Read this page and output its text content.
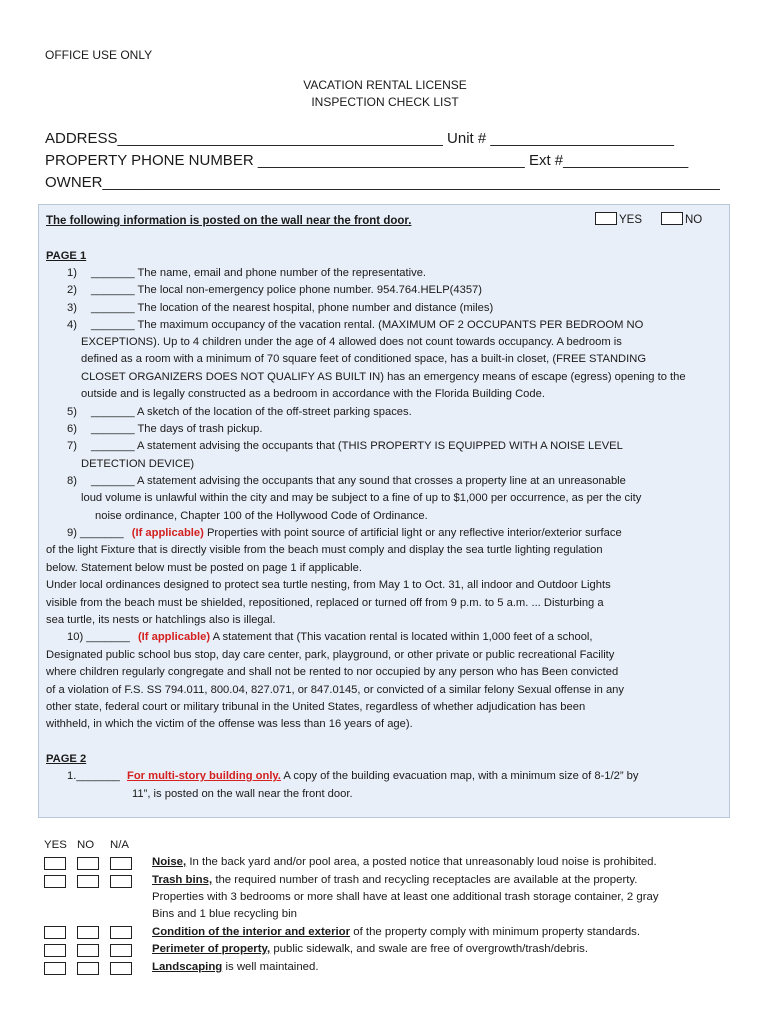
OFFICE USE ONLY
VACATION RENTAL LICENSE
INSPECTION CHECK LIST
ADDRESS_______________________________________ Unit # ______________________
PROPERTY PHONE NUMBER ________________________________ Ext #_______________
OWNER__________________________________________________________________________
The following information is posted on the wall near the front door.	YES	NO
PAGE 1
1) _______ The name, email and phone number of the representative.
2) _______ The local non-emergency police phone number. 954.764.HELP(4357)
3) _______ The location of the nearest hospital, phone number and distance (miles)
4) _______ The maximum occupancy of the vacation rental. (MAXIMUM OF 2 OCCUPANTS PER BEDROOM NO
EXCEPTIONS). Up to 4 children under the age of 4 allowed does not count towards occupancy. A bedroom is
defined as a room with a minimum of 70 square feet of conditioned space, has a built-in closet, (FREE STANDING
CLOSET ORGANIZERS DOES NOT QUALIFY AS BUILT IN) has an emergency means of escape (egress) opening to the
outside and is legally constructed as a bedroom in accordance with the Florida Building Code.
5) _______ A sketch of the location of the off-street parking spaces.
6) _______ The days of trash pickup.
7) _______ A statement advising the occupants that (THIS PROPERTY IS EQUIPPED WITH A NOISE LEVEL
DETECTION DEVICE)
8) _______ A statement advising the occupants that any sound that crosses a property line at an unreasonable
loud volume is unlawful within the city and may be subject to a fine of up to $1,000 per occurrence, as per the city
noise ordinance, Chapter 100 of the Hollywood Code of Ordinance.
9) _______ (If applicable) Properties with point source of artificial light or any reflective interior/exterior surface
of the light Fixture that is directly visible from the beach must comply and display the sea turtle lighting regulation
below. Statement below must be posted on page 1 if applicable.
Under local ordinances designed to protect sea turtle nesting, from May 1 to Oct. 31, all indoor and Outdoor Lights
visible from the beach must be shielded, repositioned, replaced or turned off from 9 p.m. to 5 a.m. ... Disturbing a
sea turtle, its nests or hatchlings also is illegal.
10) _______ (If applicable) A statement that (This vacation rental is located within 1,000 feet of a school,
Designated public school bus stop, day care center, park, playground, or other private or public recreational Facility
where children regularly congregate and shall not be rented to nor occupied by any person who has Been convicted
of a violation of F.S. SS 794.011, 800.04, 827.071, or 847.0145, or convicted of a similar felony Sexual offense in any
other state, federal court or military tribunal in the United States, regardless of whether adjudication has been
withheld, in which the victim of the offense was less than 16 years of age).
PAGE 2
1._______ For multi-story building only. A copy of the building evacuation map, with a minimum size of 8-1/2” by
11”, is posted on the wall near the front door.
YES NO N/A
Noise, In the back yard and/or pool area, a posted notice that unreasonably loud noise is prohibited.
Trash bins, the required number of trash and recycling receptacles are available at the property.
Properties with 3 bedrooms or more shall have at least one additional trash storage container, 2 gray
Bins and 1 blue recycling bin
Condition of the interior and exterior of the property comply with minimum property standards.
Perimeter of property, public sidewalk, and swale are free of overgrowth/trash/debris.
Landscaping is well maintained.
